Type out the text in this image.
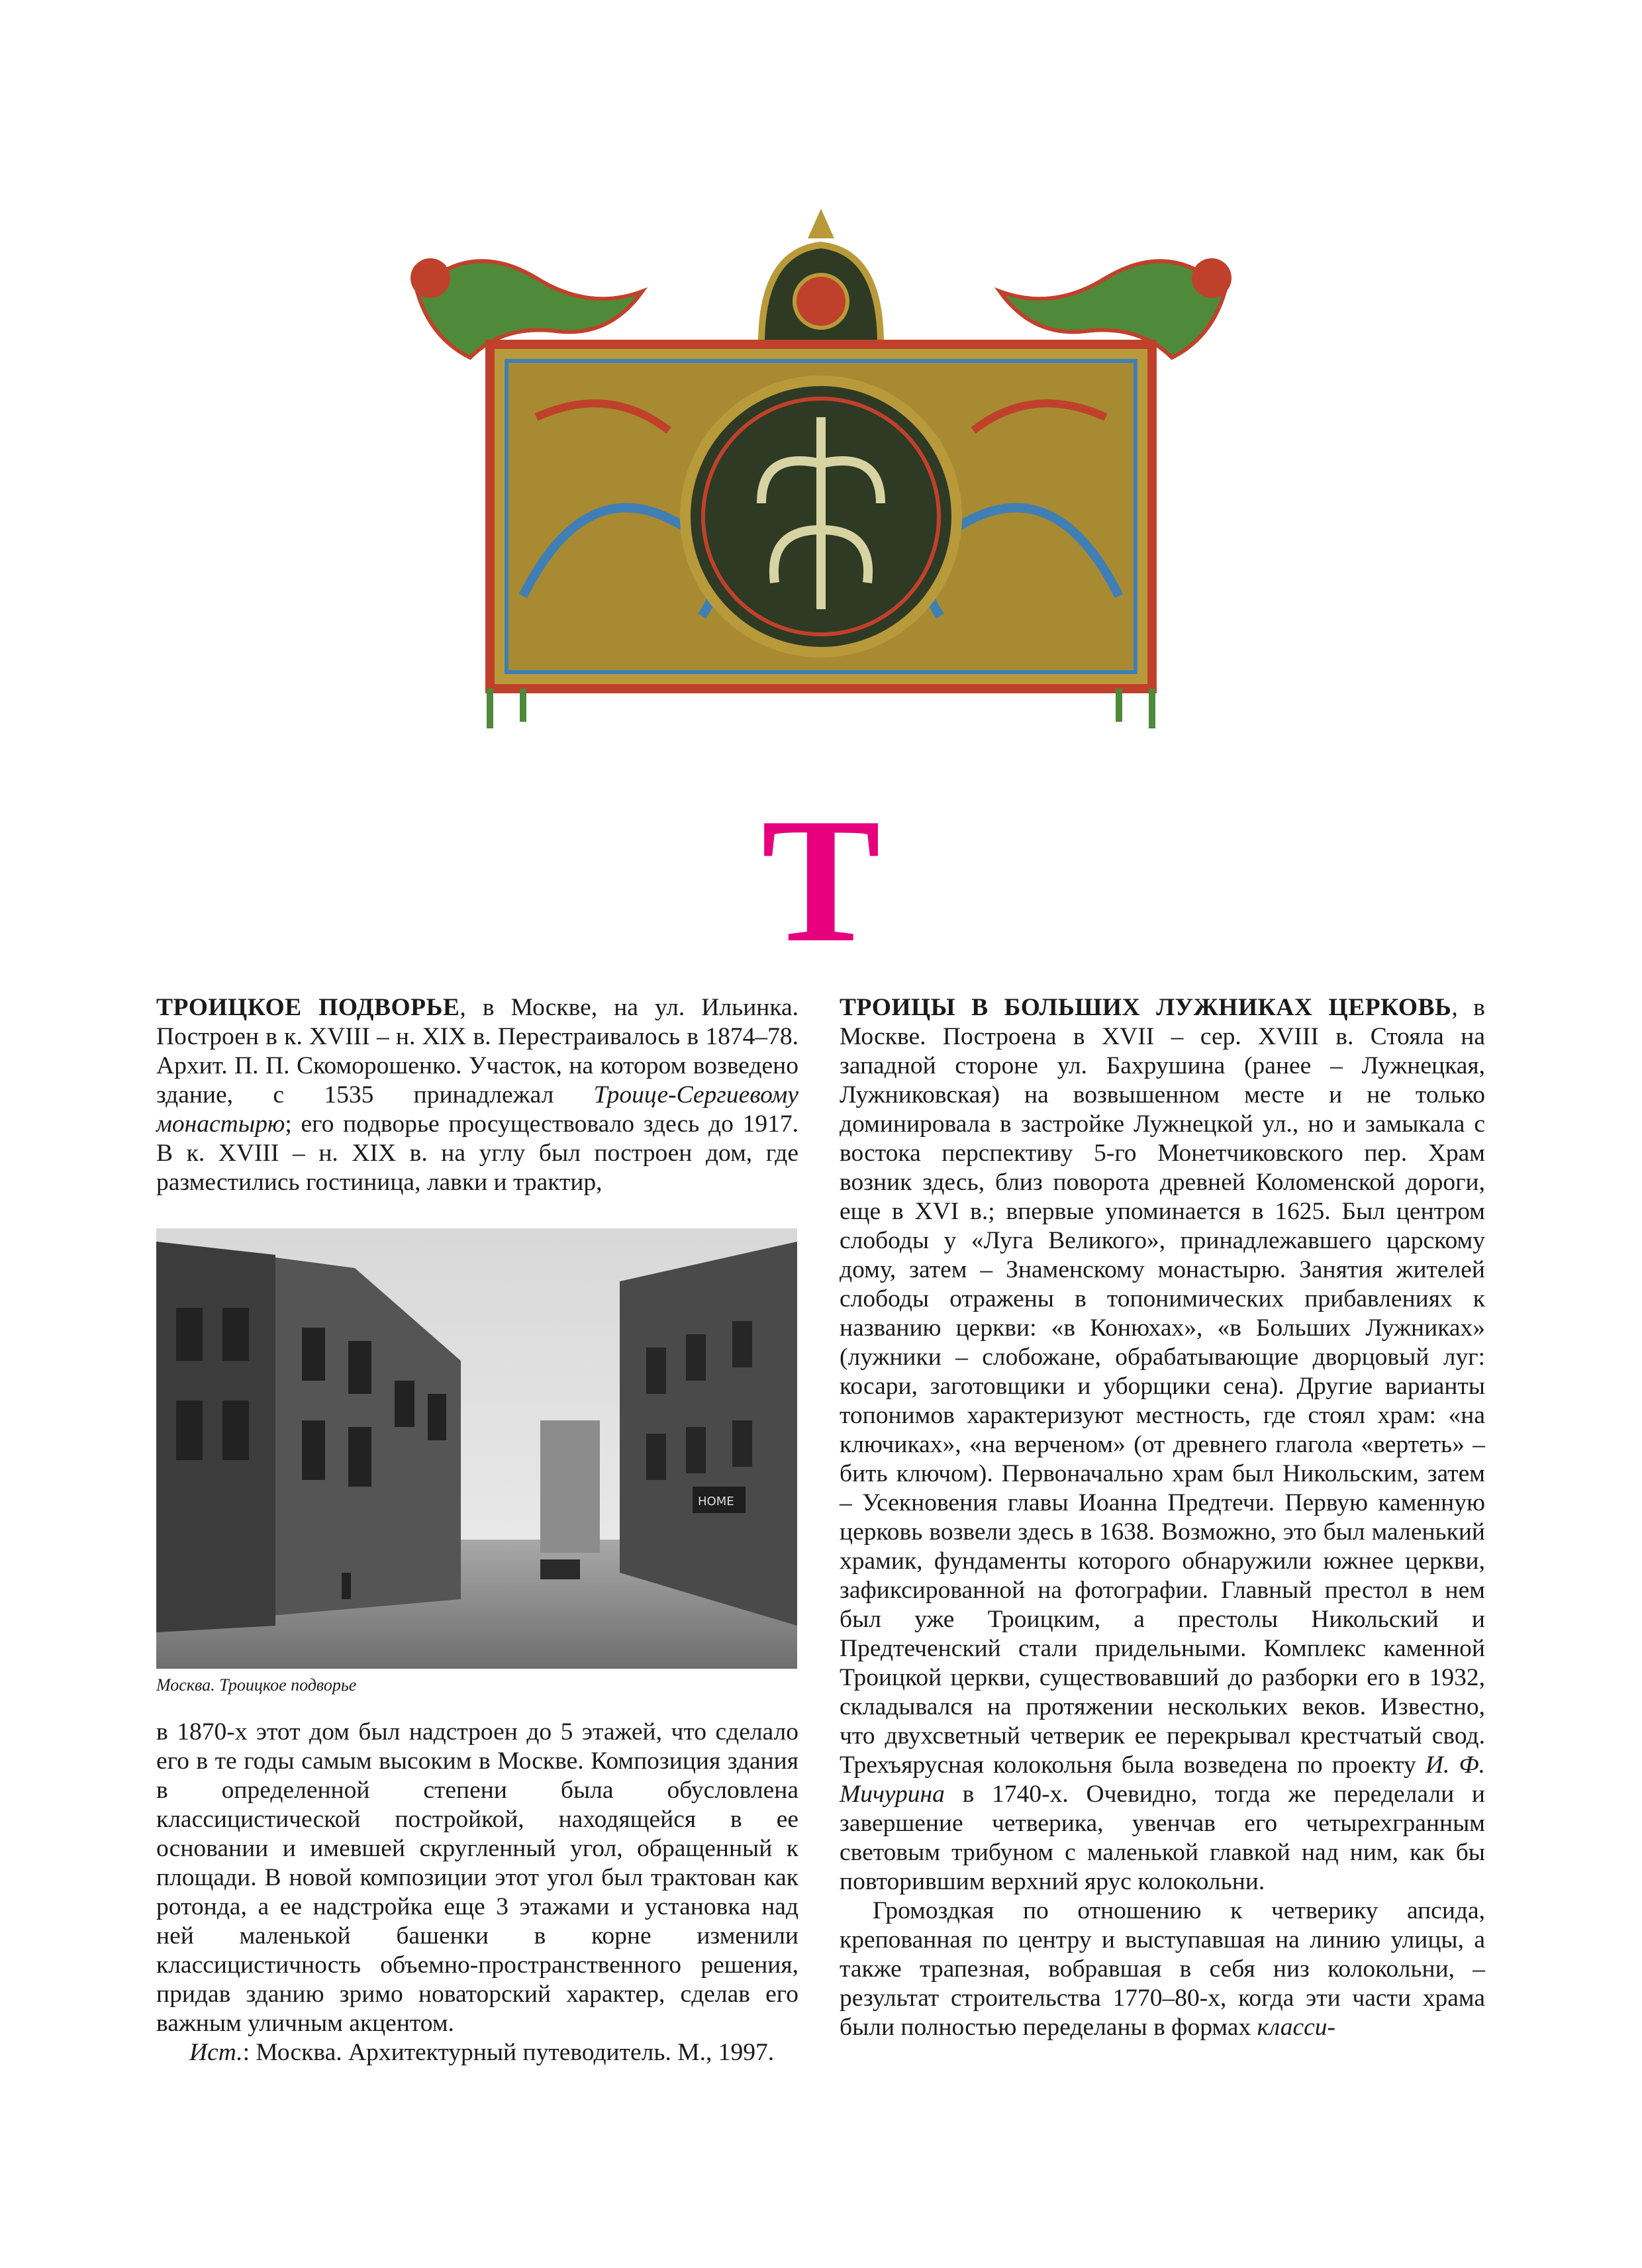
Т

ТРОИЦКОЕ ПОДВОРЬЕ, в Москве, на ул. Ильинка. Построен в к. XVIII – н. XIX в. Перестраивалось в 1874–78. Архит. П. П. Скоморошенко. Участок, на котором возведено здание, с 1535 принадлежал Троице-Сергиевому монастырю; его подворье просуществовало здесь до 1917. В к. XVIII – н. XIX в. на углу был построен дом, где разместились гостиница, лавки и трактир,

HOME
Москва. Троицкое подворье

в 1870-х этот дом был надстроен до 5 этажей, что сделало его в те годы самым высоким в Москве. Композиция здания в определенной степени была обусловлена классицистической постройкой, находящейся в ее основании и имевшей скругленный угол, обращенный к площади. В новой композиции этот угол был трактован как ротонда, а ее надстройка еще 3 этажами и установка над ней маленькой башенки в корне изменили классицистичность объемно-пространственного решения, придав зданию зримо новаторский характер, сделав его важным уличным акцентом.

Ист.: Москва. Архитектурный путеводитель. М., 1997.

ТРОИЦЫ В БОЛЬШИХ ЛУЖНИКАХ ЦЕРКОВЬ, в Москве. Построена в XVII – сер. XVIII в. Стояла на западной стороне ул. Бахрушина (ранее – Лужнецкая, Лужниковская) на возвышенном месте и не только доминировала в застройке Лужнецкой ул., но и замыкала с востока перспективу 5-го Монетчиковского пер. Храм возник здесь, близ поворота древней Коломенской дороги, еще в XVI в.; впервые упоминается в 1625. Был центром слободы у «Луга Великого», принадлежавшего царскому дому, затем – Знаменскому монастырю. Занятия жителей слободы отражены в топонимических прибавлениях к названию церкви: «в Конюхах», «в Больших Лужниках» (лужники – слобожане, обрабатывающие дворцовый луг: косари, заготовщики и уборщики сена). Другие варианты топонимов характеризуют местность, где стоял храм: «на ключиках», «на верченом» (от древнего глагола «вертеть» – бить ключом). Первоначально храм был Никольским, затем – Усекновения главы Иоанна Предтечи. Первую каменную церковь возвели здесь в 1638. Возможно, это был маленький храмик, фундаменты которого обнаружили южнее церкви, зафиксированной на фотографии. Главный престол в нем был уже Троицким, а престолы Никольский и Предтеченский стали придельными. Комплекс каменной Троицкой церкви, существовавший до разборки его в 1932, складывался на протяжении нескольких веков. Известно, что двухсветный четверик ее перекрывал крестчатый свод. Трехъярусная колокольня была возведена по проекту И. Ф. Мичурина в 1740-х. Очевидно, тогда же переделали и завершение четверика, увенчав его четырехгранным световым трибуном с маленькой главкой над ним, как бы повторившим верхний ярус колокольни.

Громоздкая по отношению к четверику апсида, крепованная по центру и выступавшая на линию улицы, а также трапезная, вобравшая в себя низ колокольни, – результат строительства 1770–80-х, когда эти части храма были полностью переделаны в формах класси-
